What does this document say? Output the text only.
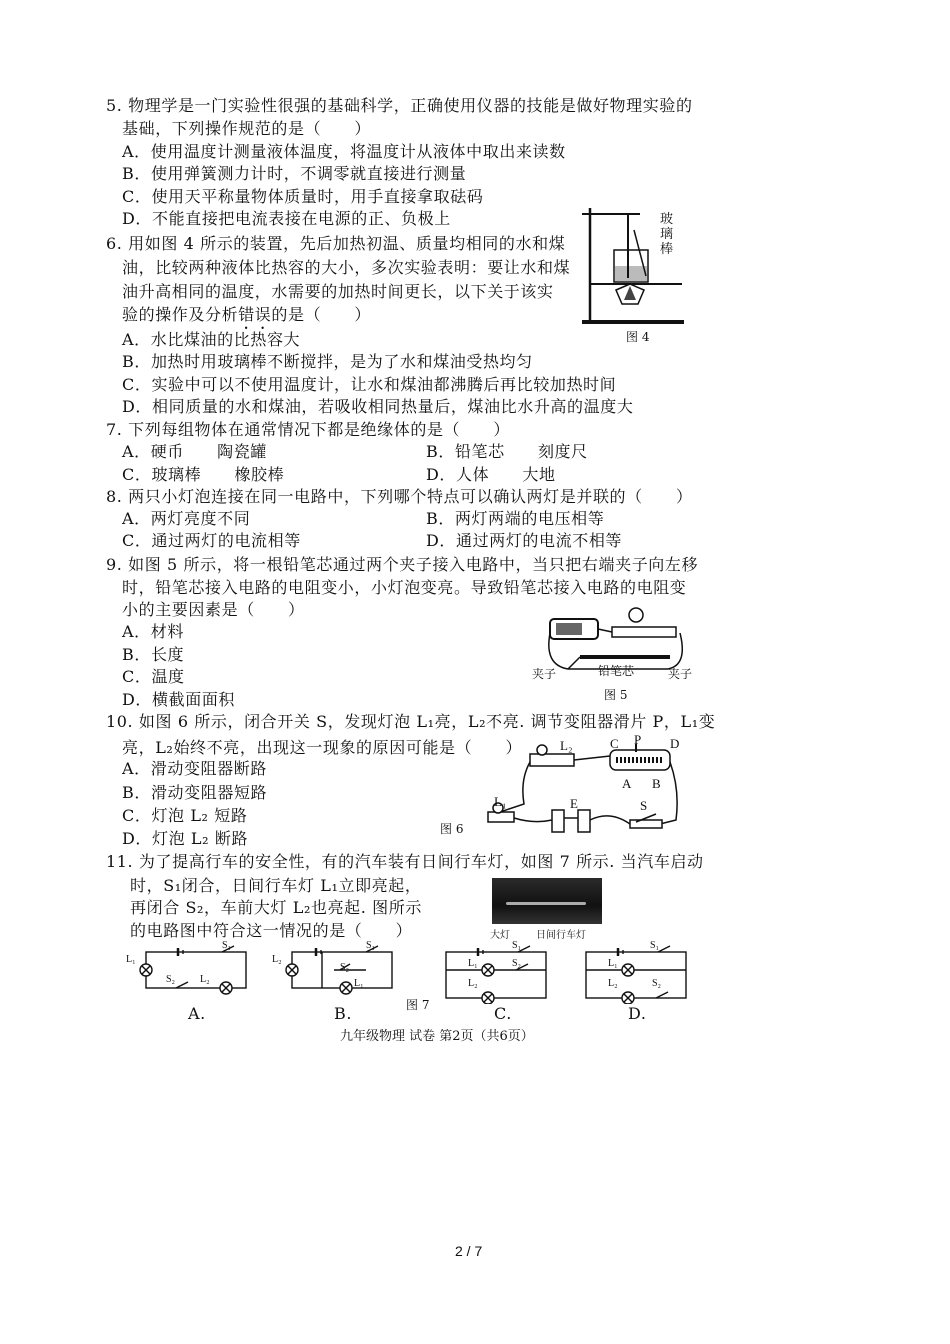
5. 物理学是一门实验性很强的基础科学，正确使用仪器的技能是做好物理实验的
基础，下列操作规范的是（　　）
A．使用温度计测量液体温度，将温度计从液体中取出来读数
B．使用弹簧测力计时，不调零就直接进行测量
C．使用天平称量物体质量时，用手直接拿取砝码
D．不能直接把电流表接在电源的正、负极上
6. 用如图 4 所示的装置，先后加热初温、质量均相同的水和煤
油，比较两种液体比热容的大小，多次实验表明：要让水和煤
油升高相同的温度，水需要的加热时间更长，以下关于该实
验的操作及分析错误的是（　　）
A．水比煤油的比热容大
B．加热时用玻璃棒不断搅拌，是为了水和煤油受热均匀
C．实验中可以不使用温度计，让水和煤油都沸腾后再比较加热时间
D．相同质量的水和煤油，若吸收相同热量后，煤油比水升高的温度大
玻璃棒
图 4
7. 下列每组物体在通常情况下都是绝缘体的是（　　）
A．硬币　　陶瓷罐	B．铅笔芯　　刻度尺
C．玻璃棒　　橡胶棒	D．人体　　大地
8. 两只小灯泡连接在同一电路中，下列哪个特点可以确认两灯是并联的（　　）
A．两灯亮度不同	B．两灯两端的电压相等
C．通过两灯的电流相等	D．通过两灯的电流不相等
9. 如图 5 所示，将一根铅笔芯通过两个夹子接入电路中，当只把右端夹子向左移
时，铅笔芯接入电路的电阻变小，小灯泡变亮。导致铅笔芯接入电路的电阻变
小的主要因素是（　　）
A．材料
B．长度
C．温度
D．横截面面积
夹子	铅笔芯	夹子
图 5
10. 如图 6 所示，闭合开关 S，发现灯泡 L₁亮，L₂不亮. 调节变阻器滑片 P，L₁变
亮，L₂始终不亮，出现这一现象的原因可能是（　　）
A．滑动变阻器断路
B．滑动变阻器短路
C．灯泡 L₂ 短路
D．灯泡 L₂ 断路
L₂	C P D
A B
L₁	E	S
图 6
11. 为了提高行车的安全性，有的汽车装有日间行车灯，如图 7 所示. 当汽车启动
时，S₁闭合，日间行车灯 L₁立即亮起，
再闭合 S₂，车前大灯 L₂也亮起. 图所示
的电路图中符合这一情况的是（　　）	大灯	日间行车灯
L₁
S₁
S₂ L₂
L₂
S₁
S₂
L₁
L₁
S₁
S₂
L₂
L₁
S₁
L₂	S₂
图 7
A.	B.	C.	D.
九年级物理 试卷 第2页（共6页）
2 / 7
